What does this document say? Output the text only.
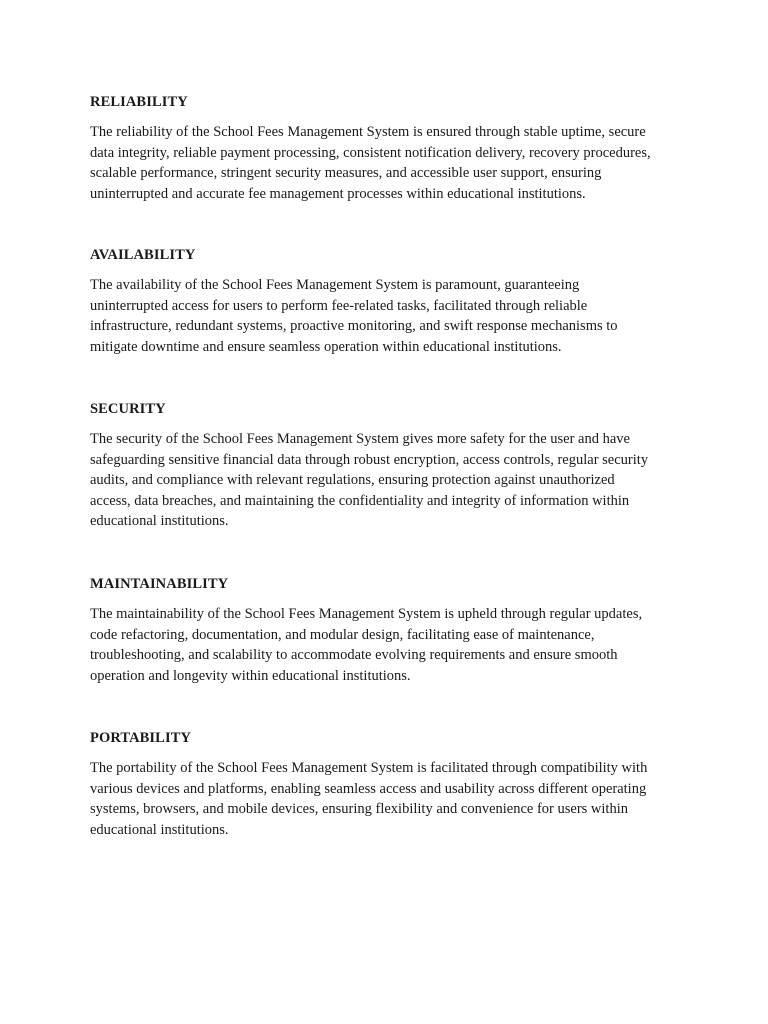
RELIABILITY

The reliability of the School Fees Management System is ensured through stable uptime, secure
data integrity, reliable payment processing, consistent notification delivery, recovery procedures,
scalable performance, stringent security measures, and accessible user support, ensuring
uninterrupted and accurate fee management processes within educational institutions.

AVAILABILITY

The availability of the School Fees Management System is paramount, guaranteeing
uninterrupted access for users to perform fee-related tasks, facilitated through reliable
infrastructure, redundant systems, proactive monitoring, and swift response mechanisms to
mitigate downtime and ensure seamless operation within educational institutions.

SECURITY

The security of the School Fees Management System gives more safety for the user and have
safeguarding sensitive financial data through robust encryption, access controls, regular security
audits, and compliance with relevant regulations, ensuring protection against unauthorized
access, data breaches, and maintaining the confidentiality and integrity of information within
educational institutions.

MAINTAINABILITY

The maintainability of the School Fees Management System is upheld through regular updates,
code refactoring, documentation, and modular design, facilitating ease of maintenance,
troubleshooting, and scalability to accommodate evolving requirements and ensure smooth
operation and longevity within educational institutions.

PORTABILITY

The portability of the School Fees Management System is facilitated through compatibility with
various devices and platforms, enabling seamless access and usability across different operating
systems, browsers, and mobile devices, ensuring flexibility and convenience for users within
educational institutions.
